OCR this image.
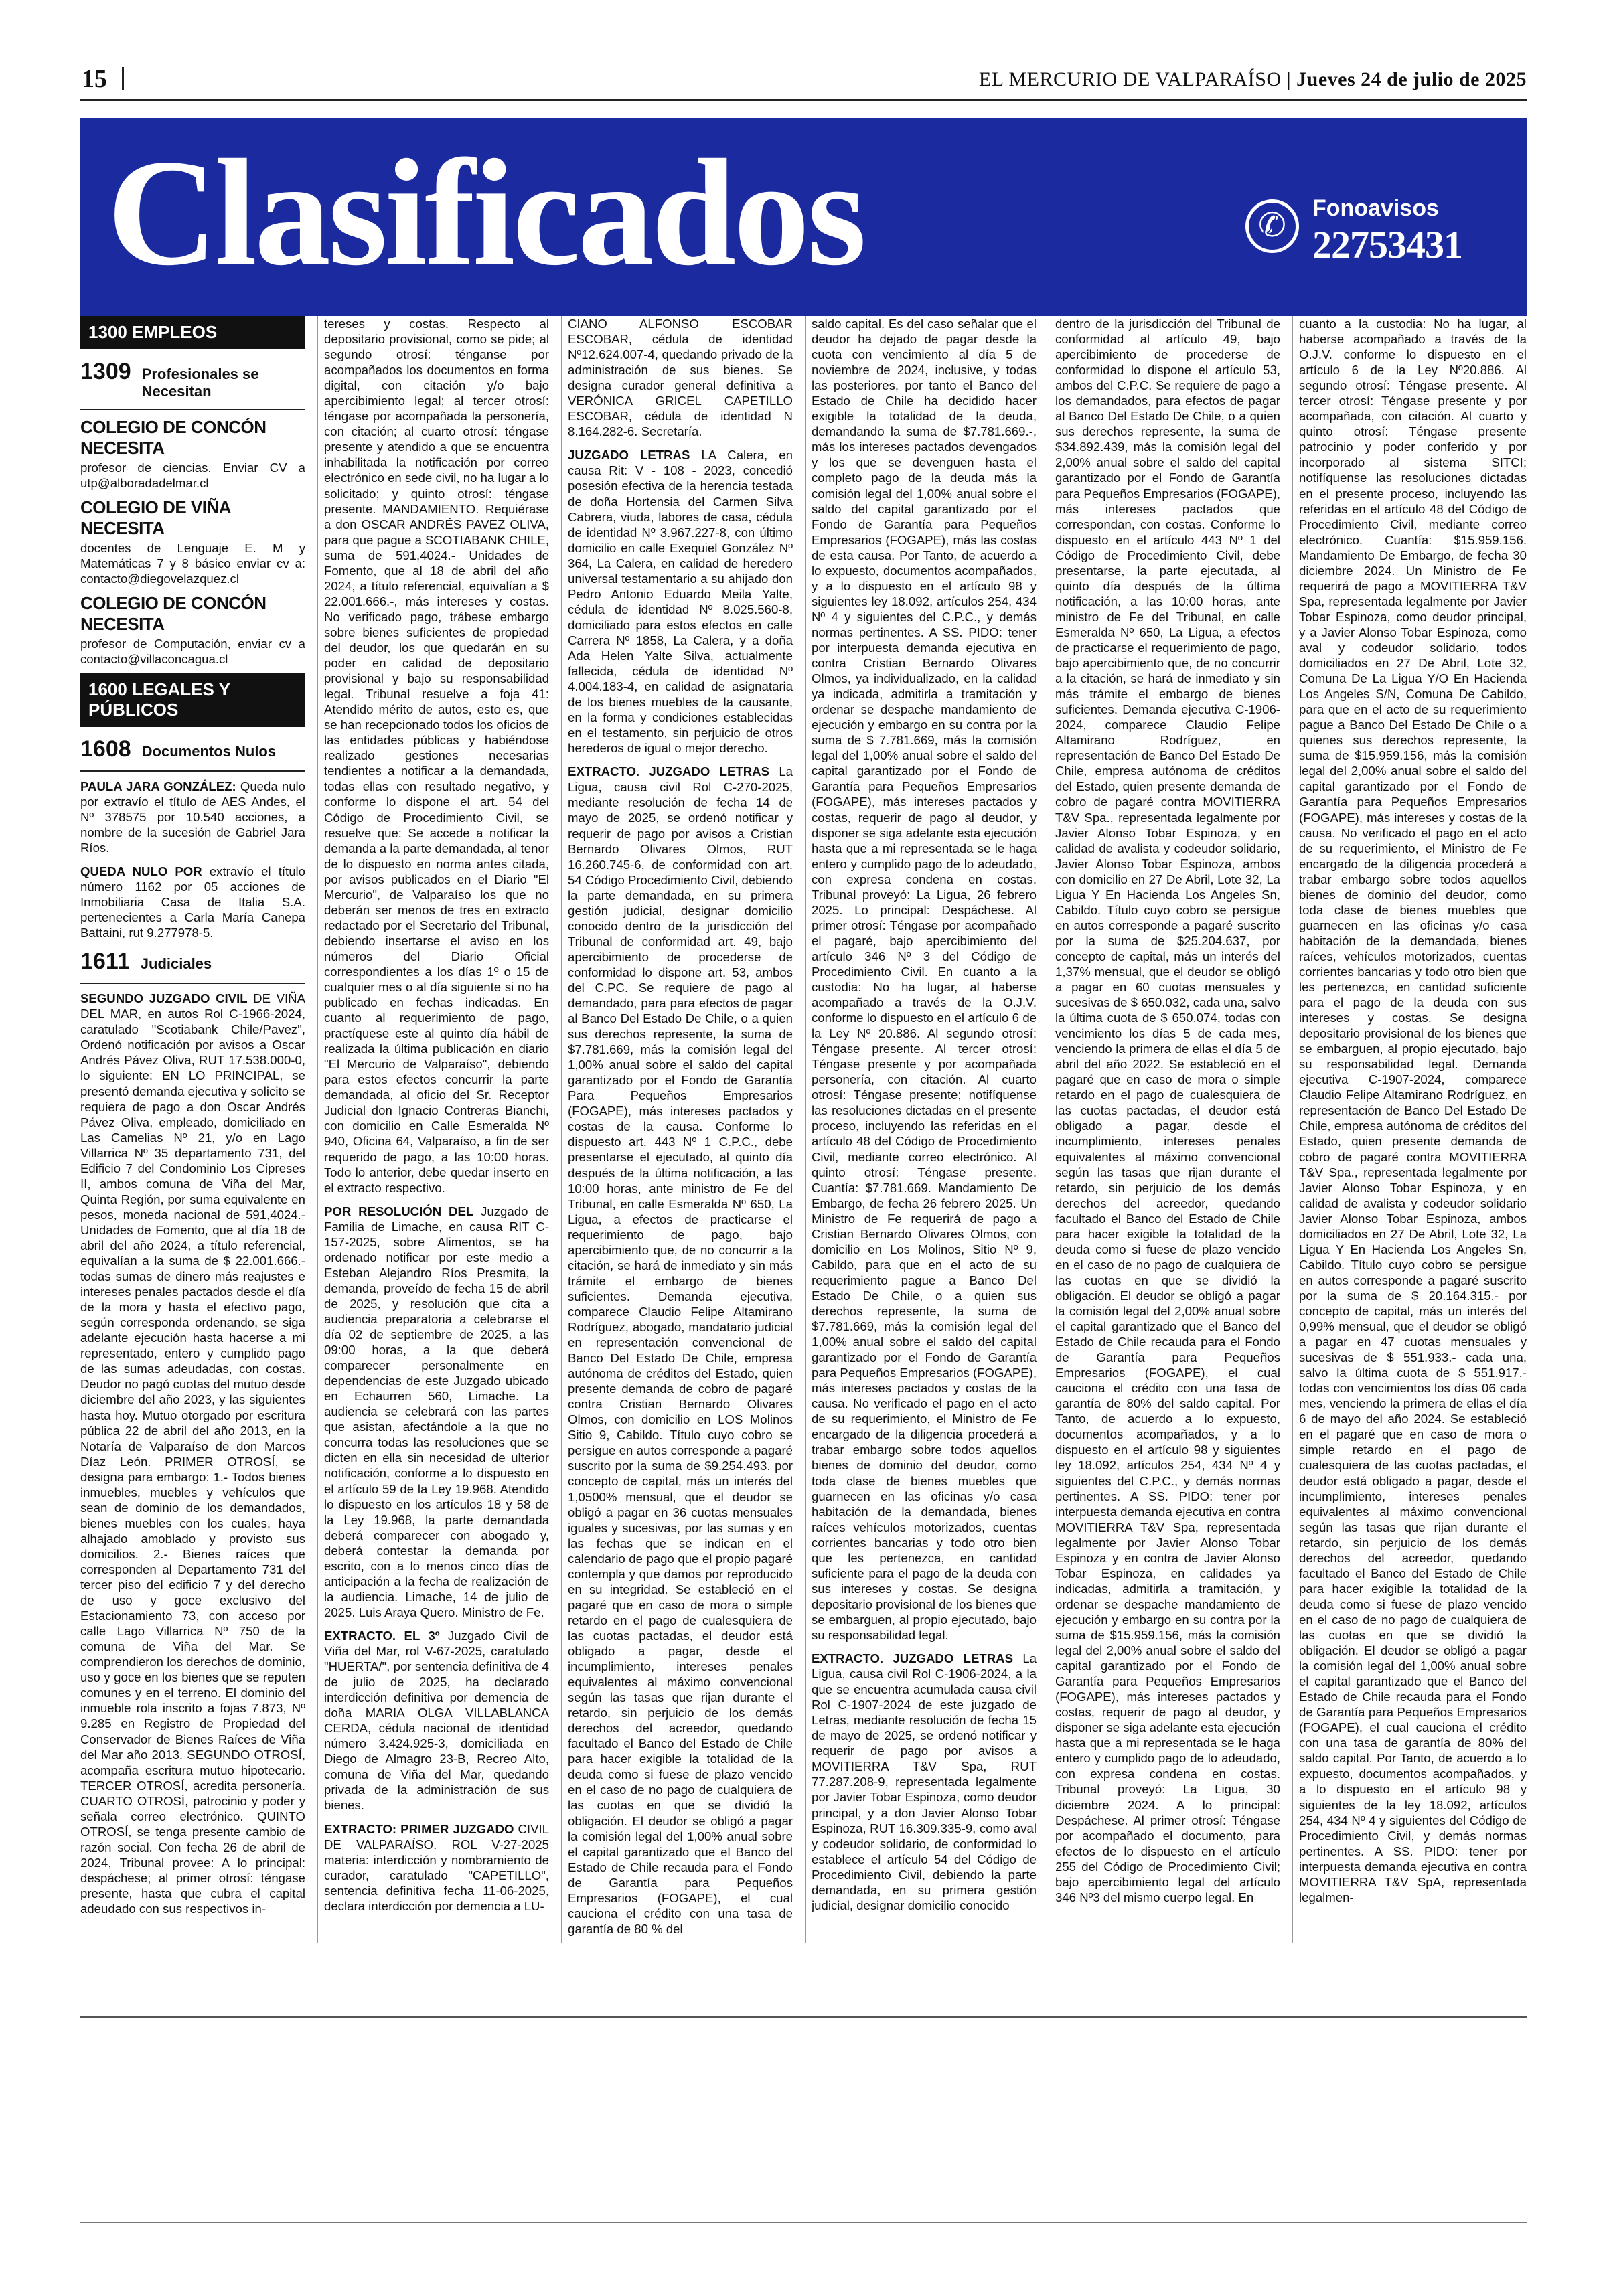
15	EL MERCURIO DE VALPARAÍSO | Jueves 24 de julio de 2025
Clasificados	✆ Fonoavisos
22753431
1300 EMPLEOS
1309 Profesionales se Necesitan
COLEGIO DE CONCÓN NECESITA
profesor de ciencias. Enviar CV a utp@alboradadelmar.cl
COLEGIO DE VIÑA NECESITA
docentes de Lenguaje E. M y Matemáticas 7 y 8 básico enviar cv a: contacto@diegovelazquez.cl
COLEGIO DE CONCÓN NECESITA
profesor de Computación, enviar cv a contacto@villaconcagua.cl
1600 LEGALES Y PÚBLICOS
1608 Documentos Nulos

PAULA JARA GONZÁLEZ: Queda nulo por extravío el título de AES Andes, el Nº 378575 por 10.540 acciones, a nombre de la sucesión de Gabriel Jara Ríos.

QUEDA NULO POR extravío el título número 1162 por 05 acciones de Inmobiliaria Casa de Italia S.A. pertenecientes a Carla María Canepa Battaini, rut 9.277978-5.

1611 Judiciales

SEGUNDO JUZGADO CIVIL DE VIÑA DEL MAR, en autos Rol C-1966-2024, caratulado "Scotiabank Chile/Pavez", Ordenó notificación por avisos a Oscar Andrés Pávez Oliva, RUT 17.538.000-0, lo siguiente: EN LO PRINCIPAL, se presentó demanda ejecutiva y solicito se requiera de pago a don Oscar Andrés Pávez Oliva, empleado, domiciliado en Las Camelias Nº 21, y/o en Lago Villarrica Nº 35 departamento 731, del Edificio 7 del Condominio Los Cipreses II, ambos comuna de Viña del Mar, Quinta Región, por suma equivalente en pesos, moneda nacional de 591,4024.- Unidades de Fomento, que al día 18 de abril del año 2024, a título referencial, equivalían a la suma de $ 22.001.666.- todas sumas de dinero más reajustes e intereses penales pactados desde el día de la mora y hasta el efectivo pago, según corresponda ordenando, se siga adelante ejecución hasta hacerse a mi representado, entero y cumplido pago de las sumas adeudadas, con costas. Deudor no pagó cuotas del mutuo desde diciembre del año 2023, y las siguientes hasta hoy. Mutuo otorgado por escritura pública 22 de abril del año 2013, en la Notaría de Valparaíso de don Marcos Díaz León. PRIMER OTROSÍ, se designa para embargo: 1.- Todos bienes inmuebles, muebles y vehículos que sean de dominio de los demandados, bienes muebles con los cuales, haya alhajado amoblado y provisto sus domicilios. 2.- Bienes raíces que corresponden al Departamento 731 del tercer piso del edificio 7 y del derecho de uso y goce exclusivo del Estacionamiento 73, con acceso por calle Lago Villarrica Nº 750 de la comuna de Viña del Mar. Se comprendieron los derechos de dominio, uso y goce en los bienes que se reputen comunes y en el terreno. El dominio del inmueble rola inscrito a fojas 7.873, Nº 9.285 en Registro de Propiedad del Conservador de Bienes Raíces de Viña del Mar año 2013. SEGUNDO OTROSÍ, acompaña escritura mutuo hipotecario. TERCER OTROSÍ, acredita personería. CUARTO OTROSÍ, patrocinio y poder y señala correo electrónico. QUINTO OTROSÍ, se tenga presente cambio de razón social. Con fecha 26 de abril de 2024, Tribunal provee: A lo principal: despáchese; al primer otrosí: téngase presente, hasta que cubra el capital adeudado con sus respectivos in-

tereses y costas. Respecto al depositario provisional, como se pide; al segundo otrosí: ténganse por acompañados los documentos en forma digital, con citación y/o bajo apercibimiento legal; al tercer otrosí: téngase por acompañada la personería, con citación; al cuarto otrosí: téngase presente y atendido a que se encuentra inhabilitada la notificación por correo electrónico en sede civil, no ha lugar a lo solicitado; y quinto otrosí: téngase presente. MANDAMIENTO. Requiérase a don OSCAR ANDRÉS PAVEZ OLIVA, para que pague a SCOTIABANK CHILE, suma de 591,4024.- Unidades de Fomento, que al 18 de abril del año 2024, a título referencial, equivalían a $ 22.001.666.-, más intereses y costas. No verificado pago, trábese embargo sobre bienes suficientes de propiedad del deudor, los que quedarán en su poder en calidad de depositario provisional y bajo su responsabilidad legal. Tribunal resuelve a foja 41: Atendido mérito de autos, esto es, que se han recepcionado todos los oficios de las entidades públicas y habiéndose realizado gestiones necesarias tendientes a notificar a la demandada, todas ellas con resultado negativo, y conforme lo dispone el art. 54 del Código de Procedimiento Civil, se resuelve que: Se accede a notificar la demanda a la parte demandada, al tenor de lo dispuesto en norma antes citada, por avisos publicados en el Diario "El Mercurio", de Valparaíso los que no deberán ser menos de tres en extracto redactado por el Secretario del Tribunal, debiendo insertarse el aviso en los números del Diario Oficial correspondientes a los días 1º o 15 de cualquier mes o al día siguiente si no ha publicado en fechas indicadas. En cuanto al requerimiento de pago, practíquese este al quinto día hábil de realizada la última publicación en diario "El Mercurio de Valparaíso", debiendo para estos efectos concurrir la parte demandada, al oficio del Sr. Receptor Judicial don Ignacio Contreras Bianchi, con domicilio en Calle Esmeralda Nº 940, Oficina 64, Valparaíso, a fin de ser requerido de pago, a las 10:00 horas. Todo lo anterior, debe quedar inserto en el extracto respectivo.

POR RESOLUCIÓN DEL Juzgado de Familia de Limache, en causa RIT C-157-2025, sobre Alimentos, se ha ordenado notificar por este medio a Esteban Alejandro Ríos Presmita, la demanda, proveído de fecha 15 de abril de 2025, y resolución que cita a audiencia preparatoria a celebrarse el día 02 de septiembre de 2025, a las 09:00 horas, a la que deberá comparecer personalmente en dependencias de este Juzgado ubicado en Echaurren 560, Limache. La audiencia se celebrará con las partes que asistan, afectándole a la que no concurra todas las resoluciones que se dicten en ella sin necesidad de ulterior notificación, conforme a lo dispuesto en el artículo 59 de la Ley 19.968. Atendido lo dispuesto en los artículos 18 y 58 de la Ley 19.968, la parte demandada deberá comparecer con abogado y, deberá contestar la demanda por escrito, con a lo menos cinco días de anticipación a la fecha de realización de la audiencia. Limache, 14 de julio de 2025. Luis Araya Quero. Ministro de Fe.

EXTRACTO. EL 3º Juzgado Civil de Viña del Mar, rol V-67-2025, caratulado "HUERTA/", por sentencia definitiva de 4 de julio de 2025, ha declarado interdicción definitiva por demencia de doña MARIA OLGA VILLABLANCA CERDA, cédula nacional de identidad número 3.424.925-3, domiciliada en Diego de Almagro 23-B, Recreo Alto, comuna de Viña del Mar, quedando privada de la administración de sus bienes.

EXTRACTO: PRIMER JUZGADO CIVIL DE VALPARAÍSO. ROL V-27-2025 materia: interdicción y nombramiento de curador, caratulado "CAPETILLO", sentencia definitiva fecha 11-06-2025, declara interdicción por demencia a LU-

CIANO ALFONSO ESCOBAR ESCOBAR, cédula de identidad Nº12.624.007-4, quedando privado de la administración de sus bienes. Se designa curador general definitiva a VERÓNICA GRICEL CAPETILLO ESCOBAR, cédula de identidad N 8.164.282-6. Secretaría.

JUZGADO LETRAS LA Calera, en causa Rit: V - 108 - 2023, concedió posesión efectiva de la herencia testada de doña Hortensia del Carmen Silva Cabrera, viuda, labores de casa, cédula de identidad Nº 3.967.227-8, con último domicilio en calle Exequiel González Nº 364, La Calera, en calidad de heredero universal testamentario a su ahijado don Pedro Antonio Eduardo Meila Yalte, cédula de identidad Nº 8.025.560-8, domiciliado para estos efectos en calle Carrera Nº 1858, La Calera, y a doña Ada Helen Yalte Silva, actualmente fallecida, cédula de identidad Nº 4.004.183-4, en calidad de asignataria de los bienes muebles de la causante, en la forma y condiciones establecidas en el testamento, sin perjuicio de otros herederos de igual o mejor derecho.

EXTRACTO. JUZGADO LETRAS La Ligua, causa civil Rol C-270-2025, mediante resolución de fecha 14 de mayo de 2025, se ordenó notificar y requerir de pago por avisos a Cristian Bernardo Olivares Olmos, RUT 16.260.745-6, de conformidad con art. 54 Código Procedimiento Civil, debiendo la parte demandada, en su primera gestión judicial, designar domicilio conocido dentro de la jurisdicción del Tribunal de conformidad art. 49, bajo apercibimiento de procederse de conformidad lo dispone art. 53, ambos del C.PC. Se requiere de pago al demandado, para para efectos de pagar al Banco Del Estado De Chile, o a quien sus derechos represente, la suma de $7.781.669, más la comisión legal del 1,00% anual sobre el saldo del capital garantizado por el Fondo de Garantía Para Pequeños Empresarios (FOGAPE), más intereses pactados y costas de la causa. Conforme lo dispuesto art. 443 Nº 1 C.P.C., debe presentarse el ejecutado, al quinto día después de la última notificación, a las 10:00 horas, ante ministro de Fe del Tribunal, en calle Esmeralda Nº 650, La Ligua, a efectos de practicarse el requerimiento de pago, bajo apercibimiento que, de no concurrir a la citación, se hará de inmediato y sin más trámite el embargo de bienes suficientes. Demanda ejecutiva, comparece Claudio Felipe Altamirano Rodríguez, abogado, mandatario judicial en representación convencional de Banco Del Estado De Chile, empresa autónoma de créditos del Estado, quien presente demanda de cobro de pagaré contra Cristian Bernardo Olivares Olmos, con domicilio en LOS Molinos Sitio 9, Cabildo. Título cuyo cobro se persigue en autos corresponde a pagaré suscrito por la suma de $9.254.493. por concepto de capital, más un interés del 1,0500% mensual, que el deudor se obligó a pagar en 36 cuotas mensuales iguales y sucesivas, por las sumas y en las fechas que se indican en el calendario de pago que el propio pagaré contempla y que damos por reproducido en su integridad. Se estableció en el pagaré que en caso de mora o simple retardo en el pago de cualesquiera de las cuotas pactadas, el deudor está obligado a pagar, desde el incumplimiento, intereses penales equivalentes al máximo convencional según las tasas que rijan durante el retardo, sin perjuicio de los demás derechos del acreedor, quedando facultado el Banco del Estado de Chile para hacer exigible la totalidad de la deuda como si fuese de plazo vencido en el caso de no pago de cualquiera de las cuotas en que se dividió la obligación. El deudor se obligó a pagar la comisión legal del 1,00% anual sobre el capital garantizado que el Banco del Estado de Chile recauda para el Fondo de Garantía para Pequeños Empresarios (FOGAPE), el cual cauciona el crédito con una tasa de garantía de 80 % del

saldo capital. Es del caso señalar que el deudor ha dejado de pagar desde la cuota con vencimiento al día 5 de noviembre de 2024, inclusive, y todas las posteriores, por tanto el Banco del Estado de Chile ha decidido hacer exigible la totalidad de la deuda, demandando la suma de $7.781.669.-, más los intereses pactados devengados y los que se devenguen hasta el completo pago de la deuda más la comisión legal del 1,00% anual sobre el saldo del capital garantizado por el Fondo de Garantía para Pequeños Empresarios (FOGAPE), más las costas de esta causa. Por Tanto, de acuerdo a lo expuesto, documentos acompañados, y a lo dispuesto en el artículo 98 y siguientes ley 18.092, artículos 254, 434 Nº 4 y siguientes del C.P.C., y demás normas pertinentes. A SS. PIDO: tener por interpuesta demanda ejecutiva en contra Cristian Bernardo Olivares Olmos, ya individualizado, en la calidad ya indicada, admitirla a tramitación y ordenar se despache mandamiento de ejecución y embargo en su contra por la suma de $ 7.781.669, más la comisión legal del 1,00% anual sobre el saldo del capital garantizado por el Fondo de Garantía para Pequeños Empresarios (FOGAPE), más intereses pactados y costas, requerir de pago al deudor, y disponer se siga adelante esta ejecución hasta que a mi representada se le haga entero y cumplido pago de lo adeudado, con expresa condena en costas. Tribunal proveyó: La Ligua, 26 febrero 2025. Lo principal: Despáchese. Al primer otrosí: Téngase por acompañado el pagaré, bajo apercibimiento del artículo 346 Nº 3 del Código de Procedimiento Civil. En cuanto a la custodia: No ha lugar, al haberse acompañado a través de la O.J.V. conforme lo dispuesto en el artículo 6 de la Ley Nº 20.886. Al segundo otrosí: Téngase presente. Al tercer otrosí: Téngase presente y por acompañada personería, con citación. Al cuarto otrosí: Téngase presente; notifíquense las resoluciones dictadas en el presente proceso, incluyendo las referidas en el artículo 48 del Código de Procedimiento Civil, mediante correo electrónico. Al quinto otrosí: Téngase presente. Cuantía: $7.781.669. Mandamiento De Embargo, de fecha 26 febrero 2025. Un Ministro de Fe requerirá de pago a Cristian Bernardo Olivares Olmos, con domicilio en Los Molinos, Sitio Nº 9, Cabildo, para que en el acto de su requerimiento pague a Banco Del Estado De Chile, o a quien sus derechos represente, la suma de $7.781.669, más la comisión legal del 1,00% anual sobre el saldo del capital garantizado por el Fondo de Garantía para Pequeños Empresarios (FOGAPE), más intereses pactados y costas de la causa. No verificado el pago en el acto de su requerimiento, el Ministro de Fe encargado de la diligencia procederá a trabar embargo sobre todos aquellos bienes de dominio del deudor, como toda clase de bienes muebles que guarnecen en las oficinas y/o casa habitación de la demandada, bienes raíces vehículos motorizados, cuentas corrientes bancarias y todo otro bien que les pertenezca, en cantidad suficiente para el pago de la deuda con sus intereses y costas. Se designa depositario provisional de los bienes que se embarguen, al propio ejecutado, bajo su responsabilidad legal.

EXTRACTO. JUZGADO LETRAS La Ligua, causa civil Rol C-1906-2024, a la que se encuentra acumulada causa civil Rol C-1907-2024 de este juzgado de Letras, mediante resolución de fecha 15 de mayo de 2025, se ordenó notificar y requerir de pago por avisos a MOVITIERRA T&V Spa, RUT 77.287.208-9, representada legalmente por Javier Tobar Espinoza, como deudor principal, y a don Javier Alonso Tobar Espinoza, RUT 16.309.335-9, como aval y codeudor solidario, de conformidad lo establece el artículo 54 del Código de Procedimiento Civil, debiendo la parte demandada, en su primera gestión judicial, designar domicilio conocido

dentro de la jurisdicción del Tribunal de conformidad al artículo 49, bajo apercibimiento de procederse de conformidad lo dispone el artículo 53, ambos del C.P.C. Se requiere de pago a los demandados, para efectos de pagar al Banco Del Estado De Chile, o a quien sus derechos represente, la suma de $34.892.439, más la comisión legal del 2,00% anual sobre el saldo del capital garantizado por el Fondo de Garantía para Pequeños Empresarios (FOGAPE), más intereses pactados que correspondan, con costas. Conforme lo dispuesto en el artículo 443 Nº 1 del Código de Procedimiento Civil, debe presentarse, la parte ejecutada, al quinto día después de la última notificación, a las 10:00 horas, ante ministro de Fe del Tribunal, en calle Esmeralda Nº 650, La Ligua, a efectos de practicarse el requerimiento de pago, bajo apercibimiento que, de no concurrir a la citación, se hará de inmediato y sin más trámite el embargo de bienes suficientes. Demanda ejecutiva C-1906-2024, comparece Claudio Felipe Altamirano Rodríguez, en representación de Banco Del Estado De Chile, empresa autónoma de créditos del Estado, quien presente demanda de cobro de pagaré contra MOVITIERRA T&V Spa., representada legalmente por Javier Alonso Tobar Espinoza, y en calidad de avalista y codeudor solidario, Javier Alonso Tobar Espinoza, ambos con domicilio en 27 De Abril, Lote 32, La Ligua Y En Hacienda Los Angeles Sn, Cabildo. Título cuyo cobro se persigue en autos corresponde a pagaré suscrito por la suma de $25.204.637, por concepto de capital, más un interés del 1,37% mensual, que el deudor se obligó a pagar en 60 cuotas mensuales y sucesivas de $ 650.032, cada una, salvo la última cuota de $ 650.074, todas con vencimiento los días 5 de cada mes, venciendo la primera de ellas el día 5 de abril del año 2022. Se estableció en el pagaré que en caso de mora o simple retardo en el pago de cualesquiera de las cuotas pactadas, el deudor está obligado a pagar, desde el incumplimiento, intereses penales equivalentes al máximo convencional según las tasas que rijan durante el retardo, sin perjuicio de los demás derechos del acreedor, quedando facultado el Banco del Estado de Chile para hacer exigible la totalidad de la deuda como si fuese de plazo vencido en el caso de no pago de cualquiera de las cuotas en que se dividió la obligación. El deudor se obligó a pagar la comisión legal del 2,00% anual sobre el capital garantizado que el Banco del Estado de Chile recauda para el Fondo de Garantía para Pequeños Empresarios (FOGAPE), el cual cauciona el crédito con una tasa de garantía de 80% del saldo capital. Por Tanto, de acuerdo a lo expuesto, documentos acompañados, y a lo dispuesto en el artículo 98 y siguientes ley 18.092, artículos 254, 434 Nº 4 y siguientes del C.P.C., y demás normas pertinentes. A SS. PIDO: tener por interpuesta demanda ejecutiva en contra MOVITIERRA T&V Spa, representada legalmente por Javier Alonso Tobar Espinoza y en contra de Javier Alonso Tobar Espinoza, en calidades ya indicadas, admitirla a tramitación, y ordenar se despache mandamiento de ejecución y embargo en su contra por la suma de $15.959.156, más la comisión legal del 2,00% anual sobre el saldo del capital garantizado por el Fondo de Garantía para Pequeños Empresarios (FOGAPE), más intereses pactados y costas, requerir de pago al deudor, y disponer se siga adelante esta ejecución hasta que a mi representada se le haga entero y cumplido pago de lo adeudado, con expresa condena en costas. Tribunal proveyó: La Ligua, 30 diciembre 2024. A lo principal: Despáchese. Al primer otrosí: Téngase por acompañado el documento, para efectos de lo dispuesto en el artículo 255 del Código de Procedimiento Civil; bajo apercibimiento legal del artículo 346 Nº3 del mismo cuerpo legal. En

cuanto a la custodia: No ha lugar, al haberse acompañado a través de la O.J.V. conforme lo dispuesto en el artículo 6 de la Ley Nº20.886. Al segundo otrosí: Téngase presente. Al tercer otrosí: Téngase presente y por acompañada, con citación. Al cuarto y quinto otrosí: Téngase presente patrocinio y poder conferido y por incorporado al sistema SITCI; notifíquense las resoluciones dictadas en el presente proceso, incluyendo las referidas en el artículo 48 del Código de Procedimiento Civil, mediante correo electrónico. Cuantía: $15.959.156. Mandamiento De Embargo, de fecha 30 diciembre 2024. Un Ministro de Fe requerirá de pago a MOVITIERRA T&V Spa, representada legalmente por Javier Tobar Espinoza, como deudor principal, y a Javier Alonso Tobar Espinoza, como aval y codeudor solidario, todos domiciliados en 27 De Abril, Lote 32, Comuna De La Ligua Y/O En Hacienda Los Angeles S/N, Comuna De Cabildo, para que en el acto de su requerimiento pague a Banco Del Estado De Chile o a quienes sus derechos represente, la suma de $15.959.156, más la comisión legal del 2,00% anual sobre el saldo del capital garantizado por el Fondo de Garantía para Pequeños Empresarios (FOGAPE), más intereses y costas de la causa. No verificado el pago en el acto de su requerimiento, el Ministro de Fe encargado de la diligencia procederá a trabar embargo sobre todos aquellos bienes de dominio del deudor, como toda clase de bienes muebles que guarnecen en las oficinas y/o casa habitación de la demandada, bienes raíces, vehículos motorizados, cuentas corrientes bancarias y todo otro bien que les pertenezca, en cantidad suficiente para el pago de la deuda con sus intereses y costas. Se designa depositario provisional de los bienes que se embarguen, al propio ejecutado, bajo su responsabilidad legal. Demanda ejecutiva C-1907-2024, comparece Claudio Felipe Altamirano Rodríguez, en representación de Banco Del Estado De Chile, empresa autónoma de créditos del Estado, quien presente demanda de cobro de pagaré contra MOVITIERRA T&V Spa., representada legalmente por Javier Alonso Tobar Espinoza, y en calidad de avalista y codeudor solidario Javier Alonso Tobar Espinoza, ambos domiciliados en 27 De Abril, Lote 32, La Ligua Y En Hacienda Los Angeles Sn, Cabildo. Título cuyo cobro se persigue en autos corresponde a pagaré suscrito por la suma de $ 20.164.315.- por concepto de capital, más un interés del 0,99% mensual, que el deudor se obligó a pagar en 47 cuotas mensuales y sucesivas de $ 551.933.- cada una, salvo la última cuota de $ 551.917.- todas con vencimientos los días 06 cada mes, venciendo la primera de ellas el día 6 de mayo del año 2024. Se estableció en el pagaré que en caso de mora o simple retardo en el pago de cualesquiera de las cuotas pactadas, el deudor está obligado a pagar, desde el incumplimiento, intereses penales equivalentes al máximo convencional según las tasas que rijan durante el retardo, sin perjuicio de los demás derechos del acreedor, quedando facultado el Banco del Estado de Chile para hacer exigible la totalidad de la deuda como si fuese de plazo vencido en el caso de no pago de cualquiera de las cuotas en que se dividió la obligación. El deudor se obligó a pagar la comisión legal del 1,00% anual sobre el capital garantizado que el Banco del Estado de Chile recauda para el Fondo de Garantía para Pequeños Empresarios (FOGAPE), el cual cauciona el crédito con una tasa de garantía de 80% del saldo capital. Por Tanto, de acuerdo a lo expuesto, documentos acompañados, y a lo dispuesto en el artículo 98 y siguientes de la ley 18.092, artículos 254, 434 Nº 4 y siguientes del Código de Procedimiento Civil, y demás normas pertinentes. A SS. PIDO: tener por interpuesta demanda ejecutiva en contra MOVITIERRA T&V SpA, representada legalmen-
